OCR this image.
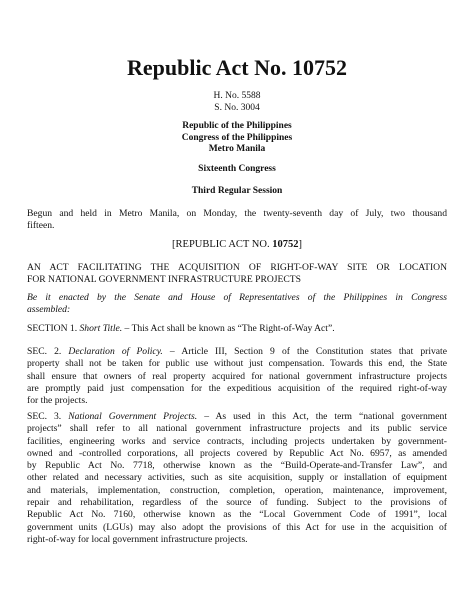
Republic Act No. 10752
H. No. 5588
S. No. 3004
Republic of the Philippines
Congress of the Philippines
Metro Manila
Sixteenth Congress
Third Regular Session
Begun and held in Metro Manila, on Monday, the twenty-seventh day of July, two thousand
fifteen.
[REPUBLIC ACT NO. 10752]
AN ACT FACILITATING THE ACQUISITION OF RIGHT-OF-WAY SITE OR LOCATION
FOR NATIONAL GOVERNMENT INFRASTRUCTURE PROJECTS
Be it enacted by the Senate and House of Representatives of the Philippines in Congress
assembled:
SECTION 1. Short Title. – This Act shall be known as “The Right-of-Way Act”.
SEC. 2. Declaration of Policy. – Article III, Section 9 of the Constitution states that private
property shall not be taken for public use without just compensation. Towards this end, the State
shall ensure that owners of real property acquired for national government infrastructure projects
are promptly paid just compensation for the expeditious acquisition of the required right-of-way
for the projects.
SEC. 3. National Government Projects. – As used in this Act, the term “national government
projects” shall refer to all national government infrastructure projects and its public service
facilities, engineering works and service contracts, including projects undertaken by government-
owned and -controlled corporations, all projects covered by Republic Act No. 6957, as amended
by Republic Act No. 7718, otherwise known as the “Build-Operate-and-Transfer Law”, and
other related and necessary activities, such as site acquisition, supply or installation of equipment
and materials, implementation, construction, completion, operation, maintenance, improvement,
repair and rehabilitation, regardless of the source of funding. Subject to the provisions of
Republic Act No. 7160, otherwise known as the “Local Government Code of 1991”, local
government units (LGUs) may also adopt the provisions of this Act for use in the acquisition of
right-of-way for local government infrastructure projects.
